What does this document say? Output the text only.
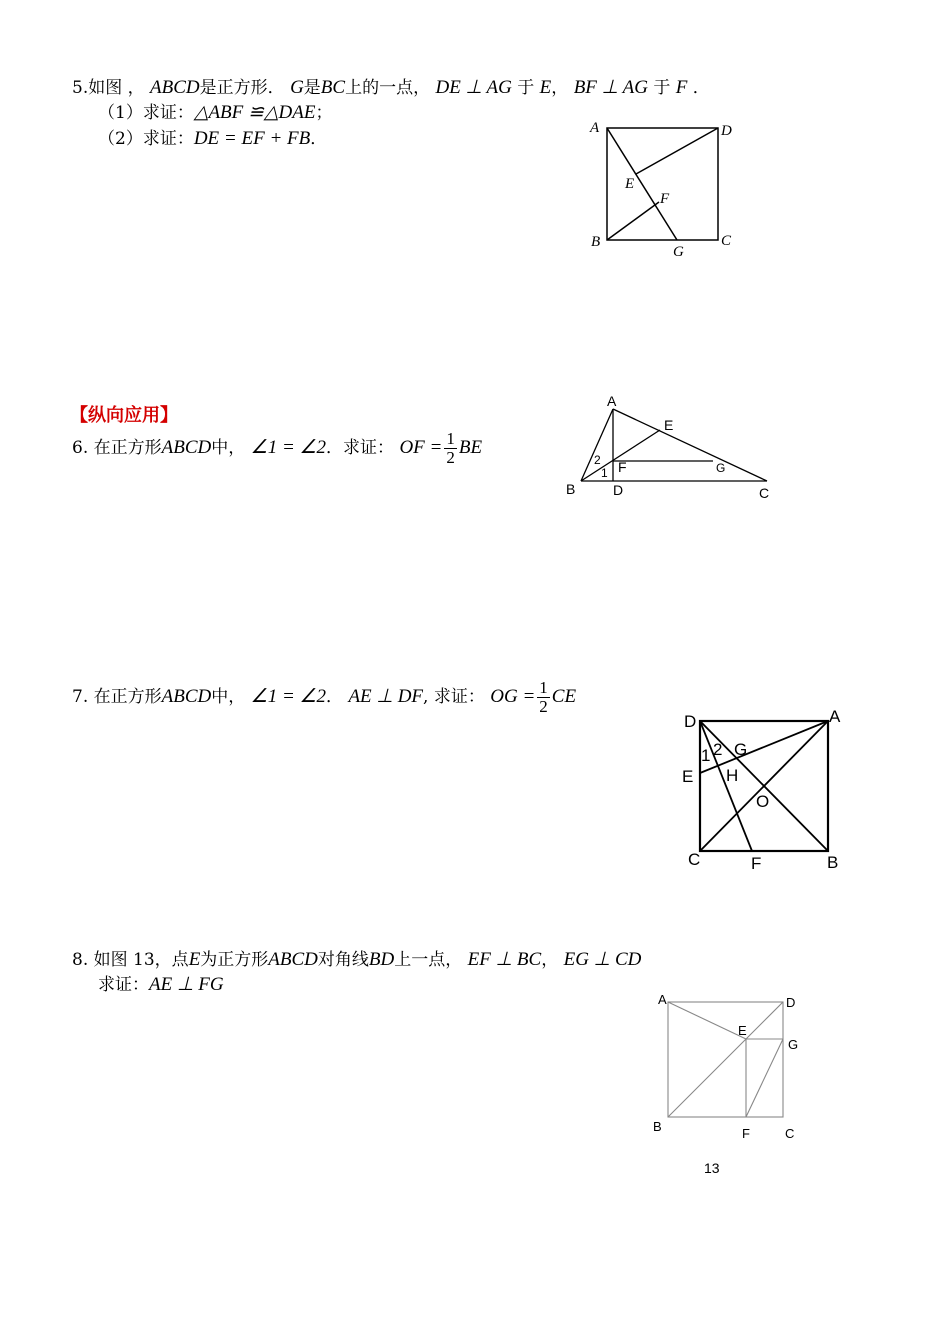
5.如图 ， ABCD是正方形． G是BC上的一点， DE ⊥ AG 于 E， BF ⊥ AG 于 F ．
（1）求证：△ABF ≌△DAE；
（2）求证：DE = EF + FB．
A	D
E
F
B	C
G
A
E
2 F	G
1
B	D	C
D	A
1 2 G
H
E
O
C	F	B
A	D
E
G
B	F	C
【纵向应用】
6. 在正方形ABCD中， ∠1 = ∠2．求证： OF = $\frac{1}{2}$ BE
7. 在正方形ABCD中， ∠1 = ∠2． AE ⊥ DF, 求证： OG = $\frac{1}{2}$ CE
8. 如图 13，点E为正方形ABCD对角线BD上一点， EF ⊥ BC， EG ⊥ CD
求证：AE ⊥ FG
13
